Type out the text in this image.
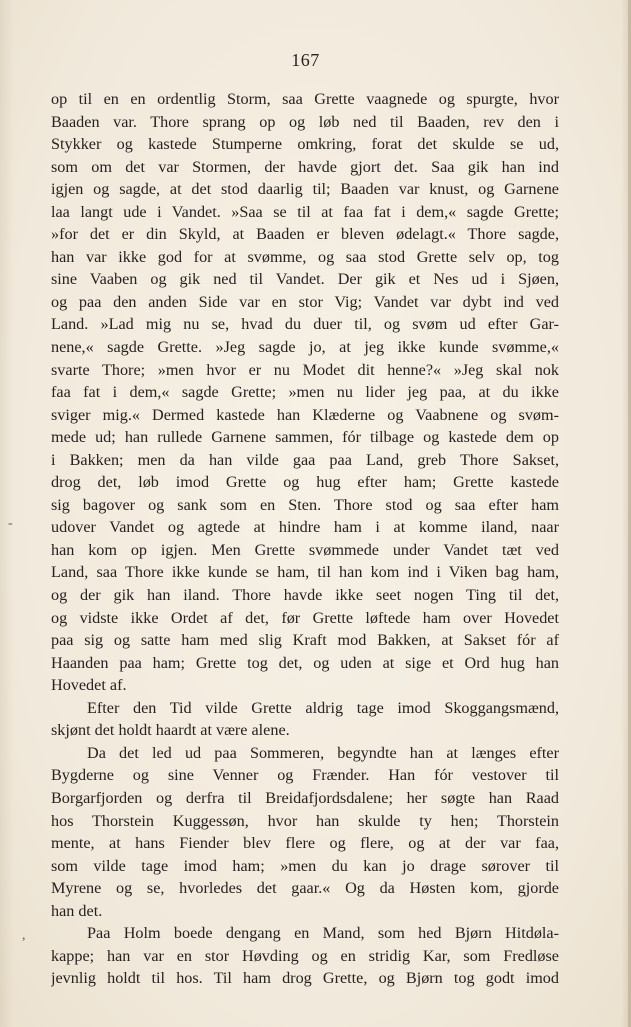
167
-
,
op til en en ordentlig Storm, saa Grette vaagnede og spurgte, hvor
Baaden var. Thore sprang op og løb ned til Baaden, rev den i
Stykker og kastede Stumperne omkring, forat det skulde se ud,
som om det var Stormen, der havde gjort det. Saa gik han ind
igjen og sagde, at det stod daarlig til; Baaden var knust, og Garnene
laa langt ude i Vandet. »Saa se til at faa fat i dem,« sagde Grette;
»for det er din Skyld, at Baaden er bleven ødelagt.« Thore sagde,
han var ikke god for at svømme, og saa stod Grette selv op, tog
sine Vaaben og gik ned til Vandet. Der gik et Nes ud i Sjøen,
og paa den anden Side var en stor Vig; Vandet var dybt ind ved
Land. »Lad mig nu se, hvad du duer til, og svøm ud efter Gar-
nene,« sagde Grette. »Jeg sagde jo, at jeg ikke kunde svømme,«
svarte Thore; »men hvor er nu Modet dit henne?« »Jeg skal nok
faa fat i dem,« sagde Grette; »men nu lider jeg paa, at du ikke
sviger mig.« Dermed kastede han Klæderne og Vaabnene og svøm-
mede ud; han rullede Garnene sammen, fór tilbage og kastede dem op
i Bakken; men da han vilde gaa paa Land, greb Thore Sakset,
drog det, løb imod Grette og hug efter ham; Grette kastede
sig bagover og sank som en Sten. Thore stod og saa efter ham
udover Vandet og agtede at hindre ham i at komme iland, naar
han kom op igjen. Men Grette svømmede under Vandet tæt ved
Land, saa Thore ikke kunde se ham, til han kom ind i Viken bag ham,
og der gik han iland. Thore havde ikke seet nogen Ting til det,
og vidste ikke Ordet af det, før Grette løftede ham over Hovedet
paa sig og satte ham med slig Kraft mod Bakken, at Sakset fór af
Haanden paa ham; Grette tog det, og uden at sige et Ord hug han
Hovedet af.
Efter den Tid vilde Grette aldrig tage imod Skoggangsmænd,
skjønt det holdt haardt at være alene.
Da det led ud paa Sommeren, begyndte han at længes efter
Bygderne og sine Venner og Frænder. Han fór vestover til
Borgarfjorden og derfra til Breidafjordsdalene; her søgte han Raad
hos Thorstein Kuggessøn, hvor han skulde ty hen; Thorstein
mente, at hans Fiender blev flere og flere, og at der var faa,
som vilde tage imod ham; »men du kan jo drage sørover til
Myrene og se, hvorledes det gaar.« Og da Høsten kom, gjorde
han det.
Paa Holm boede dengang en Mand, som hed Bjørn Hitdøla-
kappe; han var en stor Høvding og en stridig Kar, som Fredløse
jevnlig holdt til hos. Til ham drog Grette, og Bjørn tog godt imod
